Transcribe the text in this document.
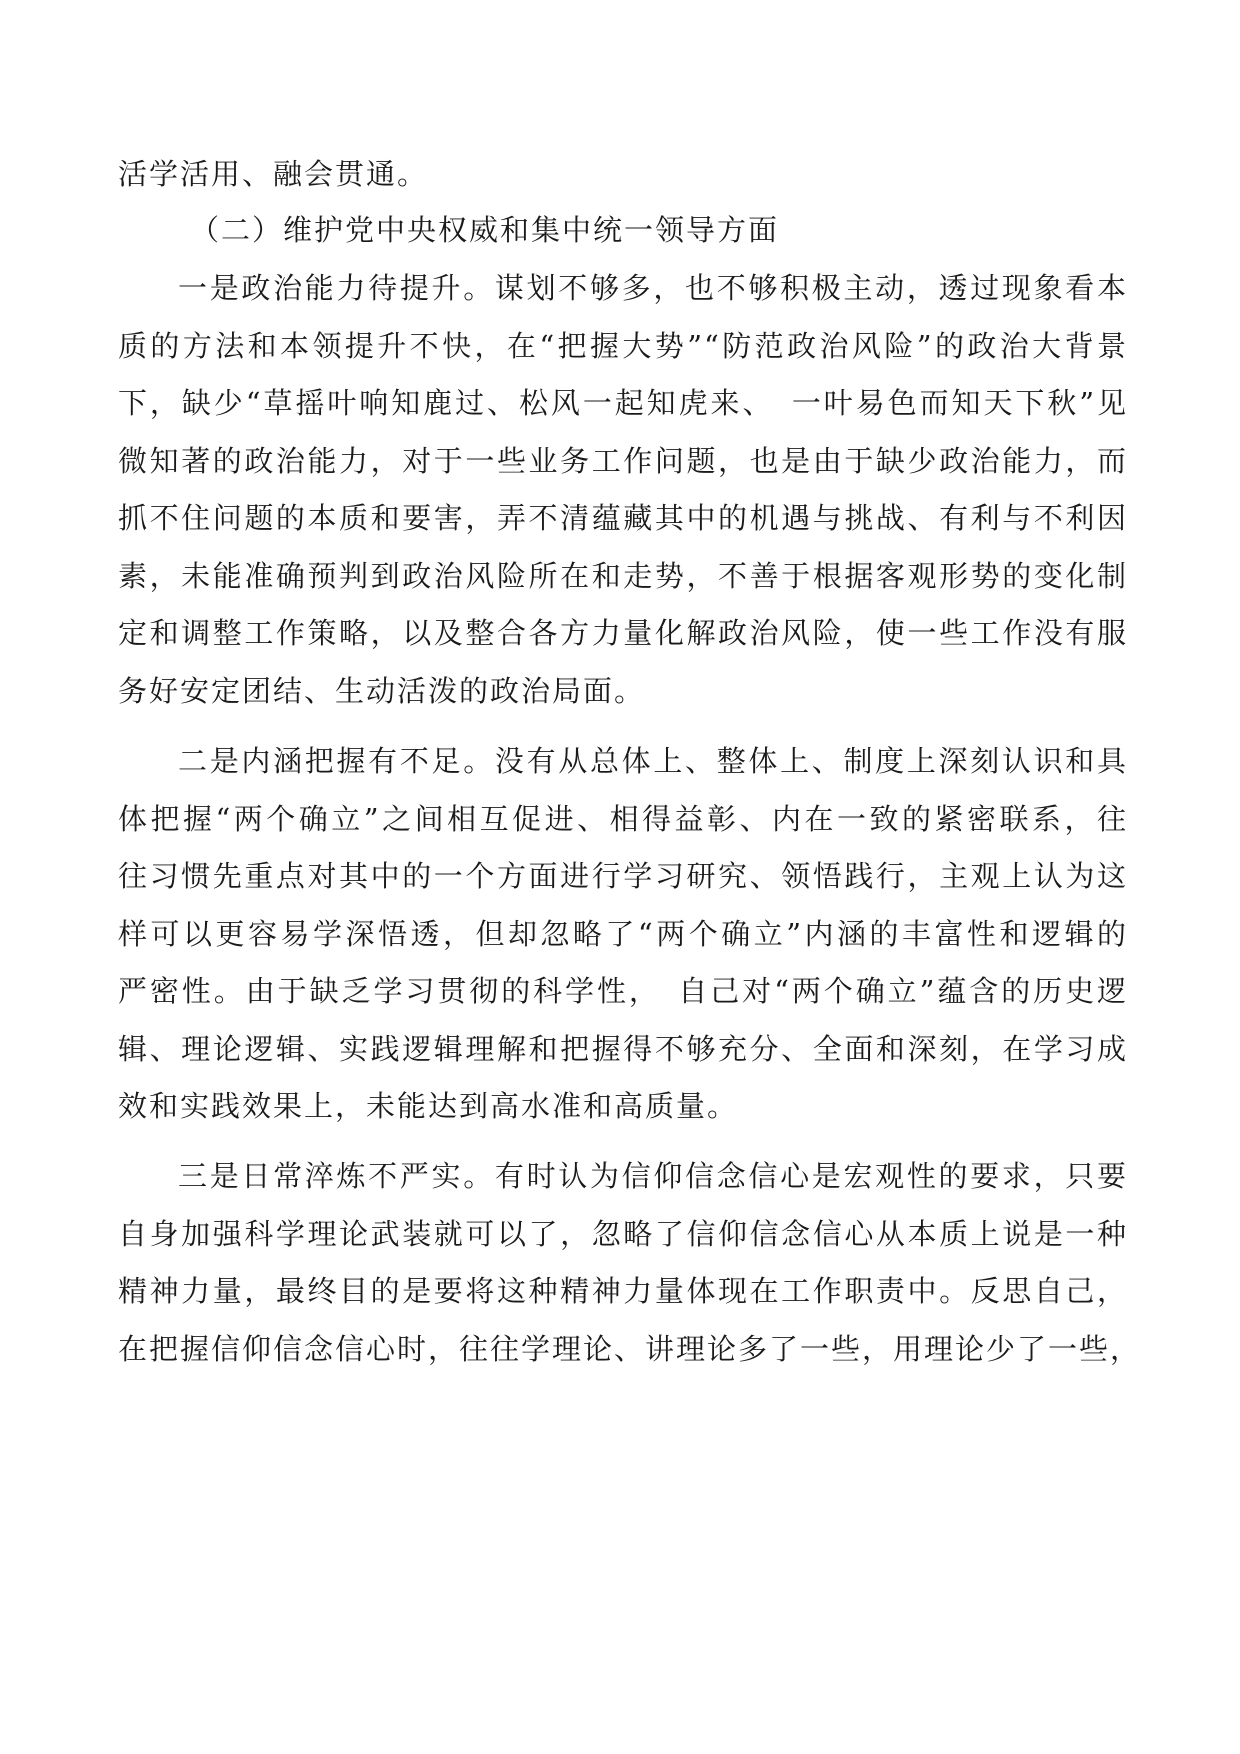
活学活用、融会贯通。
（二）维护党中央权威和集中统一领导方面
一是政治能力待提升。谋划不够多，也不够积极主动，透过现象看本
质的方法和本领提升不快，在“把握大势”“防范政治风险”的政治大背景
下，缺少“草摇叶响知鹿过、松风一起知虎来、　一叶易色而知天下秋”见
微知著的政治能力，对于一些业务工作问题，也是由于缺少政治能力，而
抓不住问题的本质和要害，弄不清蕴藏其中的机遇与挑战、有利与不利因
素，未能准确预判到政治风险所在和走势，不善于根据客观形势的变化制
定和调整工作策略，以及整合各方力量化解政治风险，使一些工作没有服
务好安定团结、生动活泼的政治局面。
二是内涵把握有不足。没有从总体上、整体上、制度上深刻认识和具
体把握“两个确立”之间相互促进、相得益彰、内在一致的紧密联系，往
往习惯先重点对其中的一个方面进行学习研究、领悟践行，主观上认为这
样可以更容易学深悟透，但却忽略了“两个确立”内涵的丰富性和逻辑的
严密性。由于缺乏学习贯彻的科学性，　自己对“两个确立”蕴含的历史逻
辑、理论逻辑、实践逻辑理解和把握得不够充分、全面和深刻，在学习成
效和实践效果上，未能达到高水准和高质量。
三是日常淬炼不严实。有时认为信仰信念信心是宏观性的要求，只要
自身加强科学理论武装就可以了，忽略了信仰信念信心从本质上说是一种
精神力量，最终目的是要将这种精神力量体现在工作职责中。反思自己，
在把握信仰信念信心时，往往学理论、讲理论多了一些，用理论少了一些，
